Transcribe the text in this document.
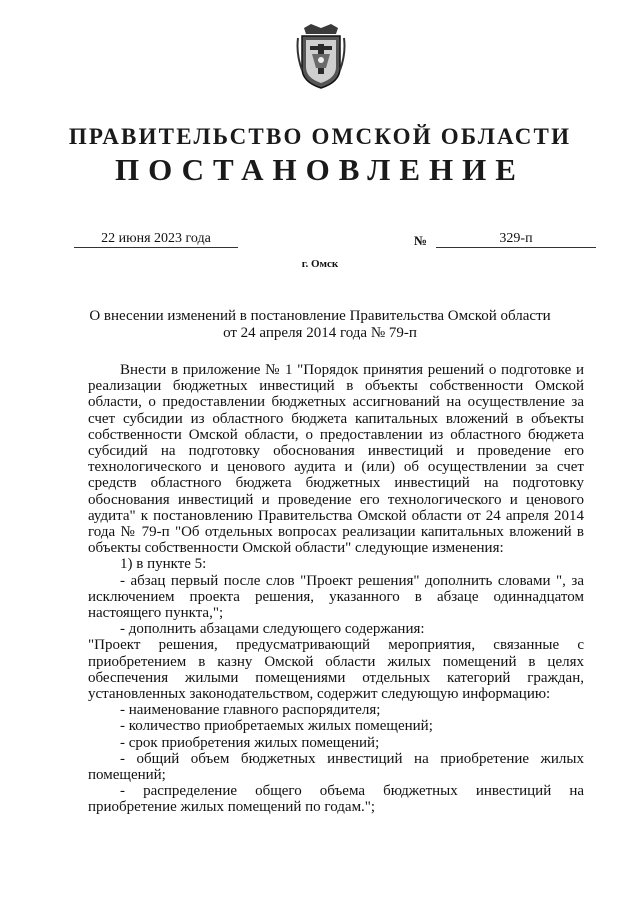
ПРАВИТЕЛЬСТВО ОМСКОЙ ОБЛАСТИ
ПОСТАНОВЛЕНИЕ
22 июня 2023 года	№	329-п
г. Омск
О внесении изменений в постановление Правительства Омской области
от 24 апреля 2014 года № 79-п

Внести в приложение № 1 "Порядок принятия решений о подготовке и реализации бюджетных инвестиций в объекты собственности Омской области, о предоставлении бюджетных ассигнований на осуществление за счет субсидии из областного бюджета капитальных вложений в объекты собственности Омской области, о предоставлении из областного бюджета субсидий на подготовку обоснования инвестиций и проведение его технологического и ценового аудита и (или) об осуществлении за счет средств областного бюджета бюджетных инвестиций на подготовку обоснования инвестиций и проведение его технологического и ценового аудита" к постановлению Правительства Омской области от 24 апреля 2014 года № 79-п "Об отдельных вопросах реализации капитальных вложений в объекты собственности Омской области" следующие изменения:

1) в пункте 5:

- абзац первый после слов "Проект решения" дополнить словами ", за исключением проекта решения, указанного в абзаце одиннадцатом настоящего пункта,";

- дополнить абзацами следующего содержания:

"Проект решения, предусматривающий мероприятия, связанные с приобретением в казну Омской области жилых помещений в целях обеспечения жилыми помещениями отдельных категорий граждан, установленных законодательством, содержит следующую информацию:

- наименование главного распорядителя;

- количество приобретаемых жилых помещений;

- срок приобретения жилых помещений;

- общий объем бюджетных инвестиций на приобретение жилых помещений;

- распределение общего объема бюджетных инвестиций на приобретение жилых помещений по годам.";
